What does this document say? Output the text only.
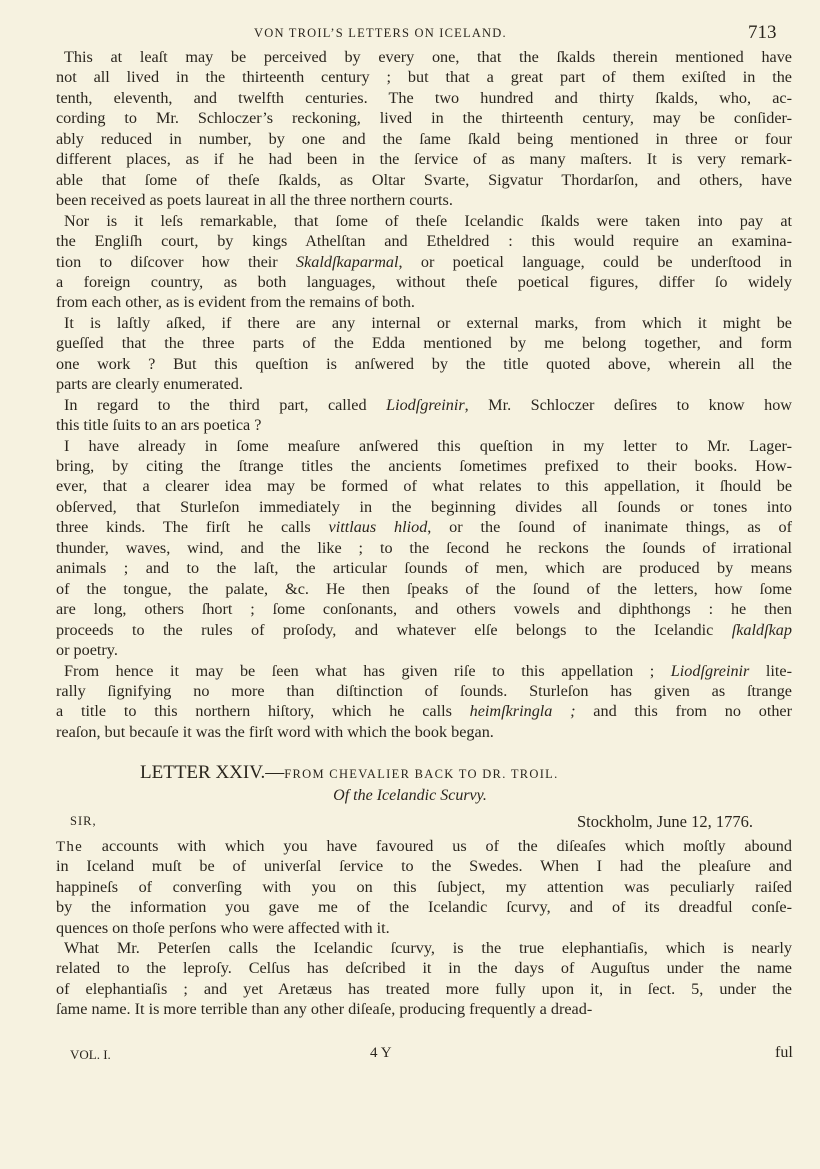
VON TROIL’S LETTERS ON ICELAND.	713
This at leaſt may be perceived by every one, that the ſkalds therein mentioned have
not all lived in the thirteenth century ; but that a great part of them exiſted in the
tenth, eleventh, and twelfth centuries. The two hundred and thirty ſkalds, who, ac-
cording to Mr. Schloczer’s reckoning, lived in the thirteenth century, may be conſider-
ably reduced in number, by one and the ſame ſkald being mentioned in three or four
different places, as if he had been in the ſervice of as many maſters. It is very remark-
able that ſome of theſe ſkalds, as Oltar Svarte, Sigvatur Thordarſon, and others, have
been received as poets laureat in all the three northern courts.
Nor is it leſs remarkable, that ſome of theſe Icelandic ſkalds were taken into pay at
the Engliſh court, by kings Athelſtan and Etheldred : this would require an examina-
tion to diſcover how their Skaldſkaparmal, or poetical language, could be underſtood in
a foreign country, as both languages, without theſe poetical figures, differ ſo widely
from each other, as is evident from the remains of both.
It is laſtly aſked, if there are any internal or external marks, from which it might be
gueſſed that the three parts of the Edda mentioned by me belong together, and form
one work ? But this queſtion is anſwered by the title quoted above, wherein all the
parts are clearly enumerated.
In regard to the third part, called Liodſgreinir, Mr. Schloczer deſires to know how
this title ſuits to an ars poetica ?
I have already in ſome meaſure anſwered this queſtion in my letter to Mr. Lager-
bring, by citing the ſtrange titles the ancients ſometimes prefixed to their books. How-
ever, that a clearer idea may be formed of what relates to this appellation, it ſhould be
obſerved, that Sturleſon immediately in the beginning divides all ſounds or tones into
three kinds. The firſt he calls vittlaus hliod, or the ſound of inanimate things, as of
thunder, waves, wind, and the like ; to the ſecond he reckons the ſounds of irrational
animals ; and to the laſt, the articular ſounds of men, which are produced by means
of the tongue, the palate, &c. He then ſpeaks of the ſound of the letters, how ſome
are long, others ſhort ; ſome conſonants, and others vowels and diphthongs : he then
proceeds to the rules of proſody, and whatever elſe belongs to the Icelandic ſkaldſkap
or poetry.
From hence it may be ſeen what has given riſe to this appellation ; Liodſgreinir lite-
rally ſignifying no more than diſtinction of ſounds. Sturleſon has given as ſtrange
a title to this northern hiſtory, which he calls heimſkringla ; and this from no other
reaſon, but becauſe it was the firſt word with which the book began.
LETTER XXIV.—FROM CHEVALIER BACK TO DR. TROIL.
Of the Icelandic Scurvy.
SIR,	Stockholm, June 12, 1776.
The accounts with which you have favoured us of the diſeaſes which moſtly abound
in Iceland muſt be of univerſal ſervice to the Swedes. When I had the pleaſure and
happineſs of converſing with you on this ſubject, my attention was peculiarly raiſed
by the information you gave me of the Icelandic ſcurvy, and of its dreadful conſe-
quences on thoſe perſons who were affected with it.
What Mr. Peterſen calls the Icelandic ſcurvy, is the true elephantiaſis, which is nearly
related to the leproſy. Celſus has deſcribed it in the days of Auguſtus under the name
of elephantiaſis ; and yet Aretæus has treated more fully upon it, in ſect. 5, under the
ſame name. It is more terrible than any other diſeaſe, producing frequently a dread-
VOL. I.	4 Y	ful
